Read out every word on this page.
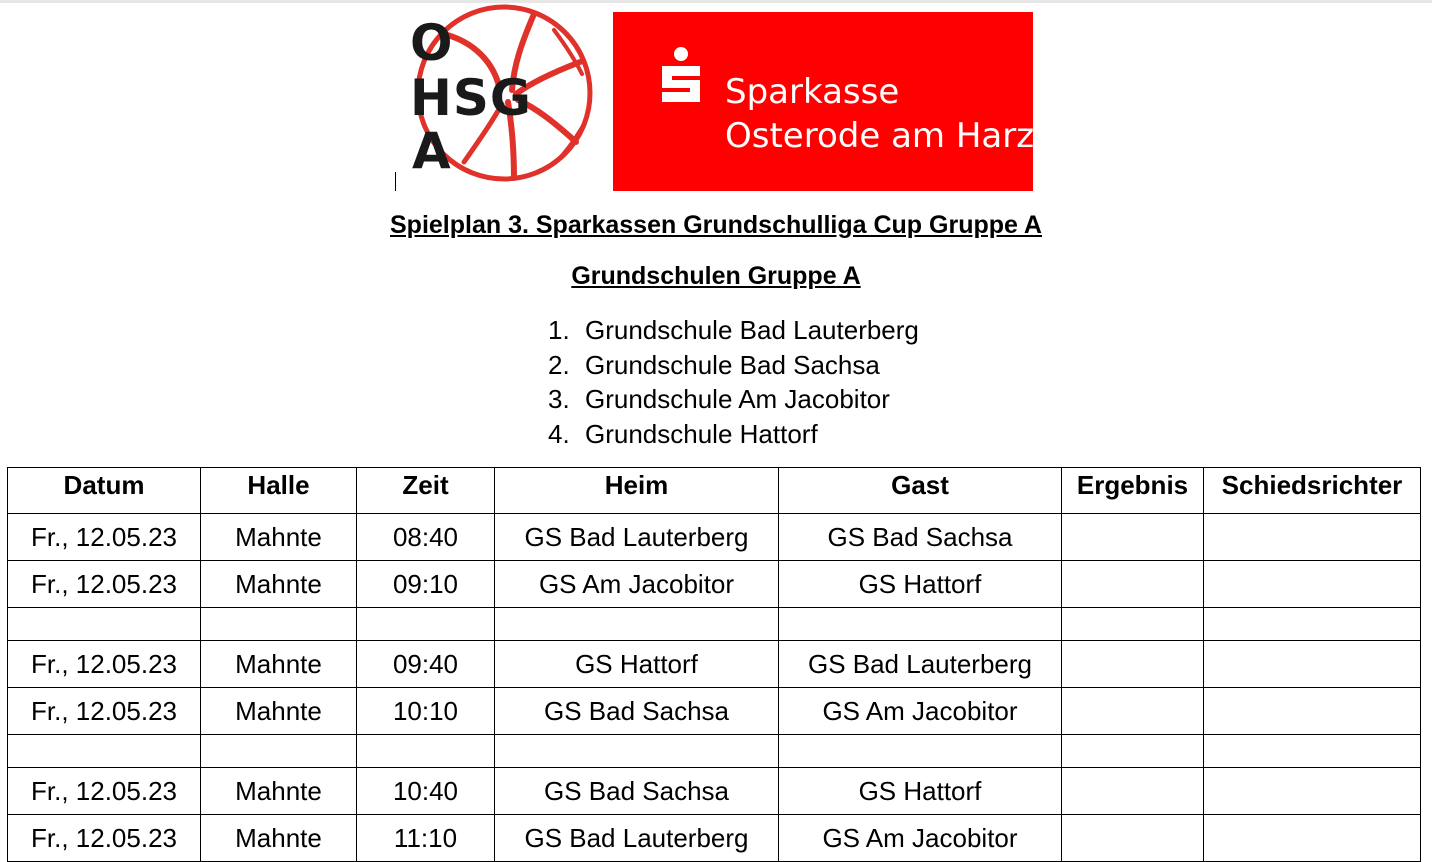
O
HSG
A
Sparkasse
Osterode am Harz
Spielplan 3. Sparkassen Grundschulliga Cup Gruppe A
Grundschulen Gruppe A
1. Grundschule Bad Lauterberg
2. Grundschule Bad Sachsa
3. Grundschule Am Jacobitor
4. Grundschule Hattorf
Datum	Halle	Zeit	Heim	Gast	Ergebnis	Schiedsrichter
Fr., 12.05.23	Mahnte	08:40	GS Bad Lauterberg	GS Bad Sachsa		
Fr., 12.05.23	Mahnte	09:10	GS Am Jacobitor	GS Hattorf		

Fr., 12.05.23	Mahnte	09:40	GS Hattorf	GS Bad Lauterberg		
Fr., 12.05.23	Mahnte	10:10	GS Bad Sachsa	GS Am Jacobitor		

Fr., 12.05.23	Mahnte	10:40	GS Bad Sachsa	GS Hattorf		
Fr., 12.05.23	Mahnte	11:10	GS Bad Lauterberg	GS Am Jacobitor		
